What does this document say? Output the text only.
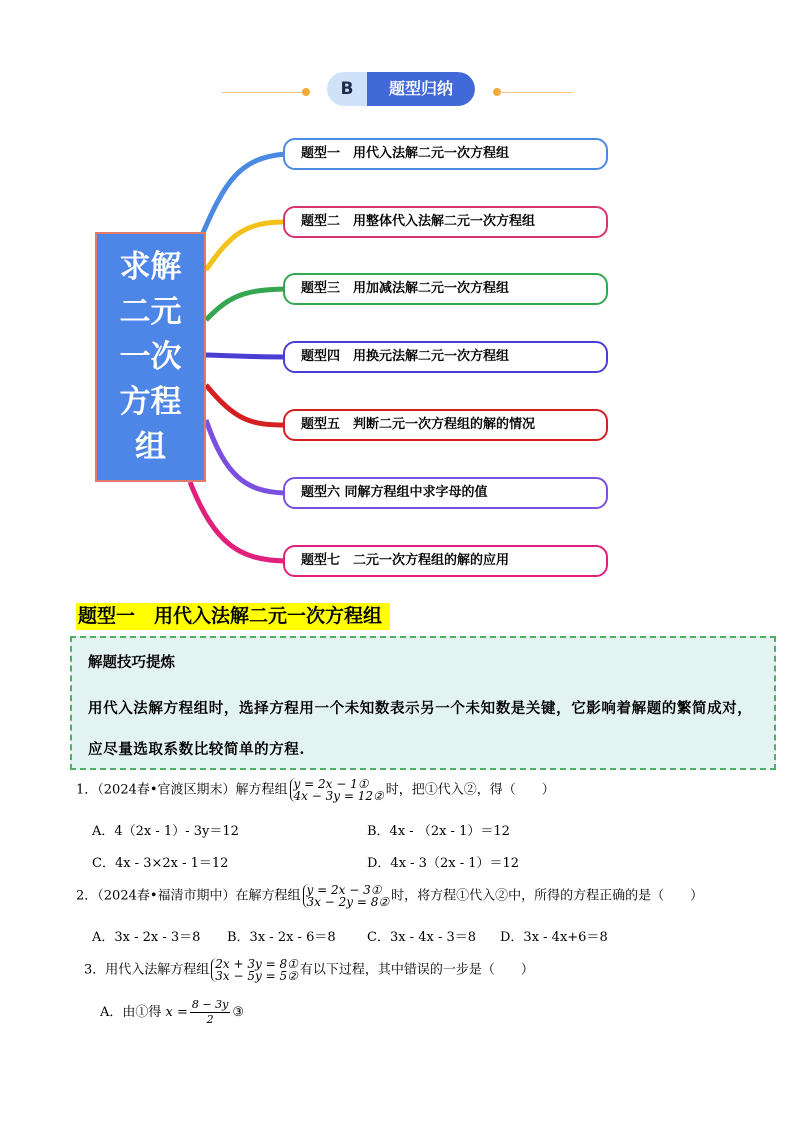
B	题型归纳
求解二元一次方程组
题型一　用代入法解二元一次方程组
题型二　用整体代入法解二元一次方程组
题型三　用加减法解二元一次方程组
题型四　用换元法解二元一次方程组
题型五　判断二元一次方程组的解的情况
题型六 同解方程组中求字母的值
题型七　二元一次方程组的解的应用
题型一　用代入法解二元一次方程组
解题技巧提炼
用代入法解方程组时，选择方程用一个未知数表示另一个未知数是关键，它影响着解题的繁简成对，应尽量选取系数比较简单的方程.
1．（2024春•官渡区期末）解方程组 y = 2x − 1①
4x − 3y = 12② 时，把①代入②，得（　　）
A．4（2x - 1）- 3y＝12	B．4x - （2x - 1）＝12
C．4x - 3×2x - 1＝12	D．4x - 3（2x - 1）＝12
2．（2024春•福清市期中）在解方程组 y = 2x − 3①
3x − 2y = 8② 时，将方程①代入②中，所得的方程正确的是（　　）
A．3x - 2x - 3＝8 B．3x - 2x - 6＝8 C．3x - 4x - 3＝8 D．3x - 4x+6＝8
3．用代入法解方程组 2x + 3y = 8①
3x − 5y = 5② 有以下过程，其中错误的一步是（　　）
A．由①得 $x = \frac{8 - 3y}{2}$ ③
